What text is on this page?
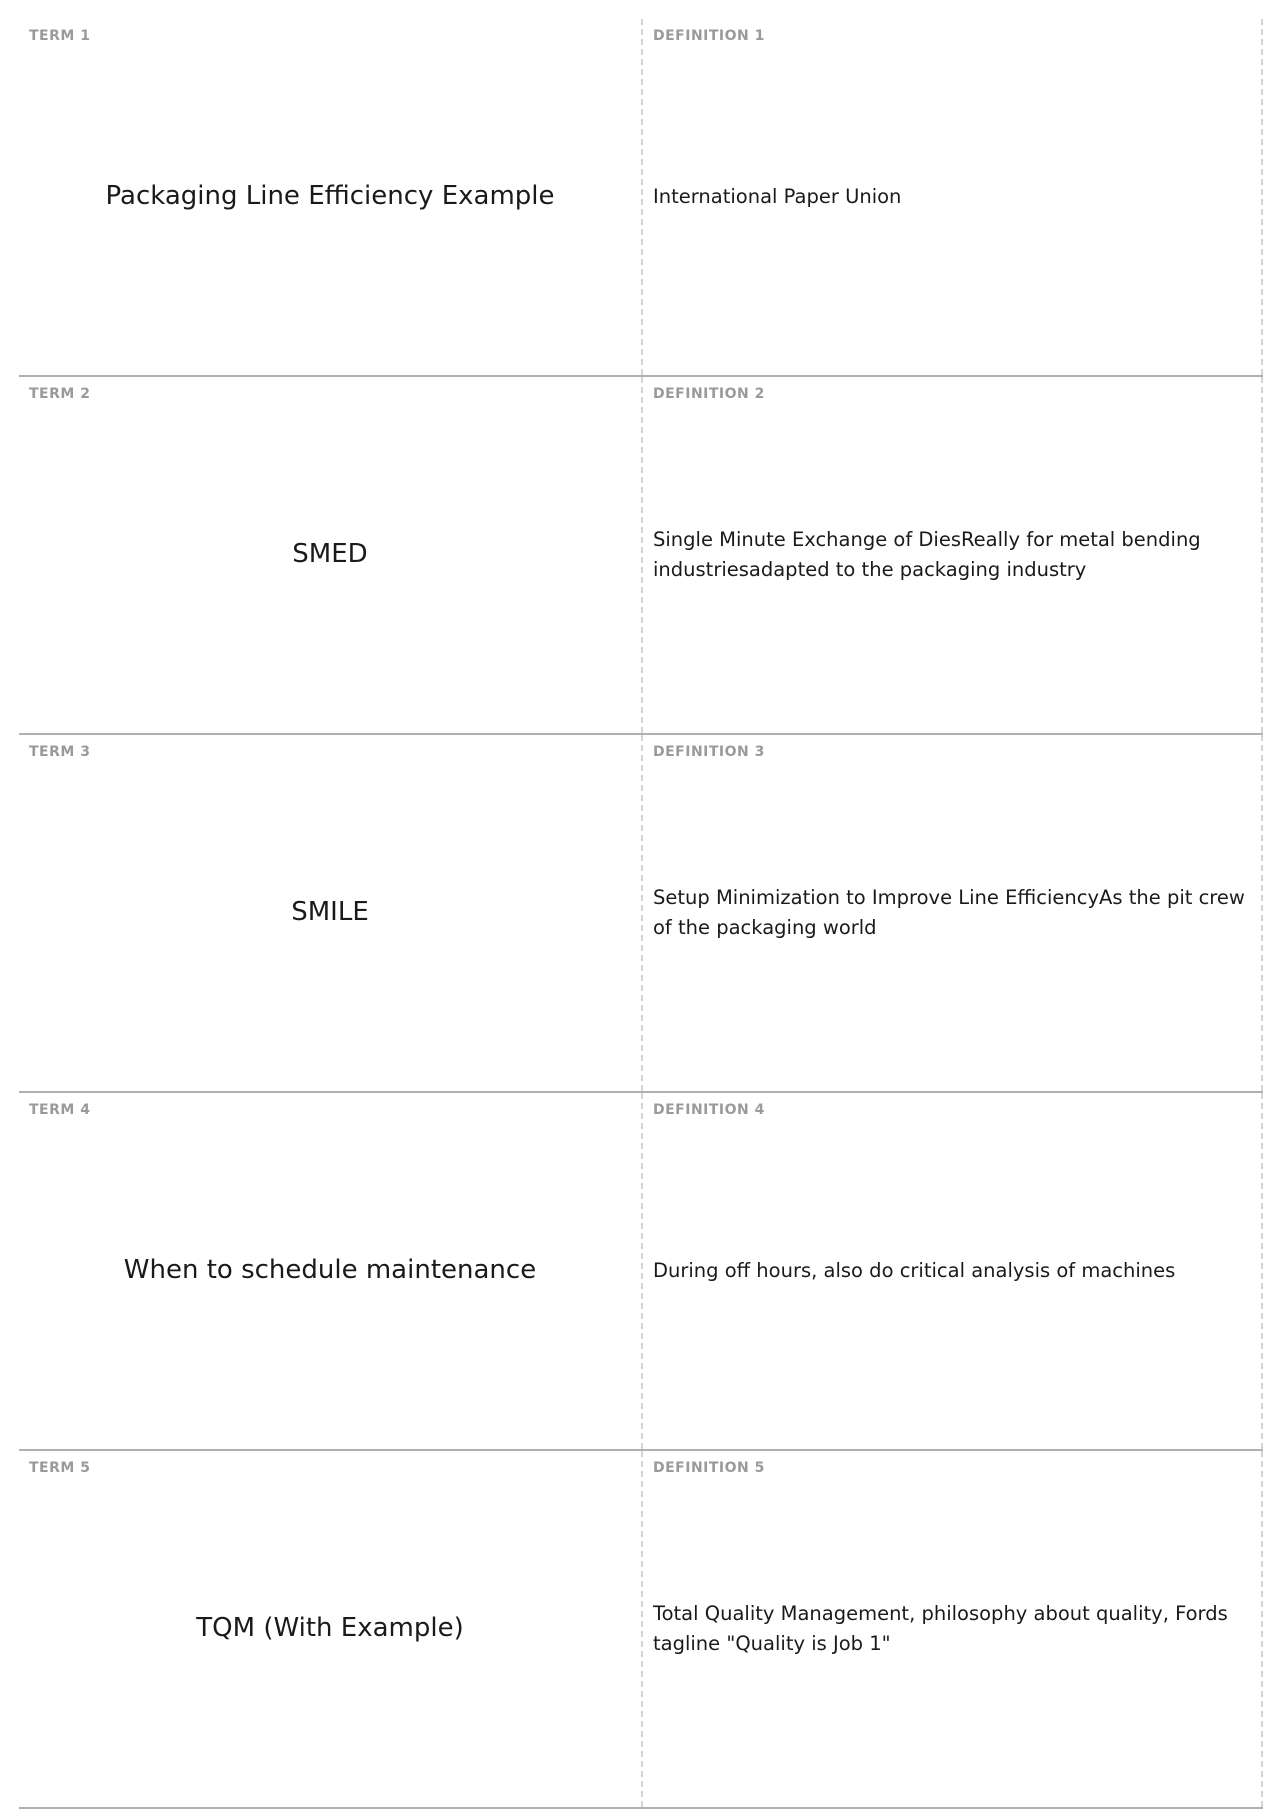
TERM 1
Packaging Line Efficiency Example
DEFINITION 1
International Paper Union
TERM 2
SMED
DEFINITION 2
Single Minute Exchange of DiesReally for metal bending industriesadapted to the packaging industry
TERM 3
SMILE
DEFINITION 3
Setup Minimization to Improve Line EfficiencyAs the pit crew of the packaging world
TERM 4
When to schedule maintenance
DEFINITION 4
During off hours, also do critical analysis of machines
TERM 5
TQM (With Example)
DEFINITION 5
Total Quality Management, philosophy about quality, Fords tagline "Quality is Job 1"
